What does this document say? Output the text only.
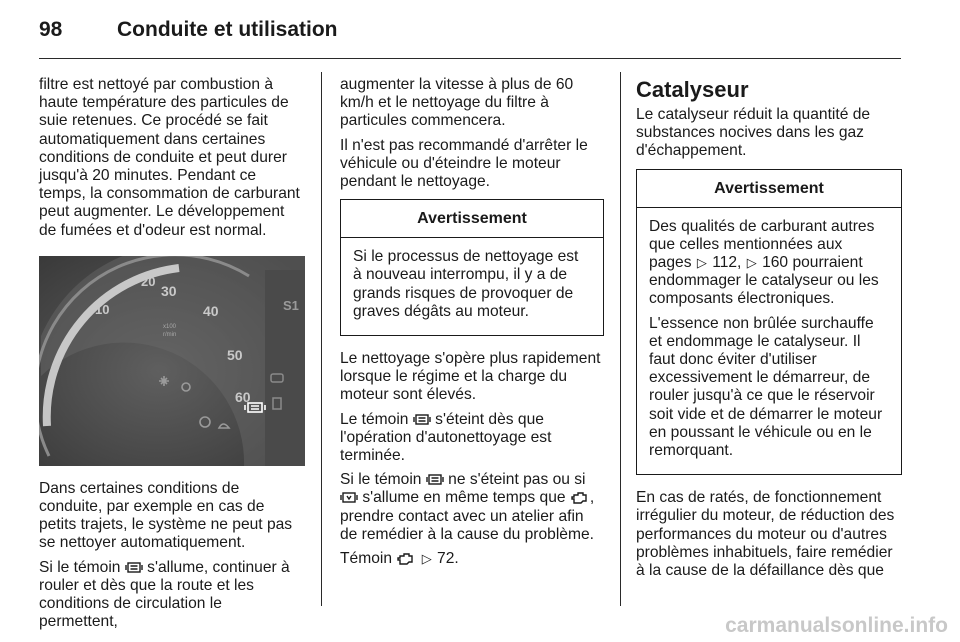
98	Conduite et utilisation

filtre est nettoyé par combustion à haute température des particules de suie retenues. Ce procédé se fait automatiquement dans certaines conditions de conduite et peut durer jusqu'à 20 minutes. Pendant ce temps, la consommation de carburant peut augmenter. Le développement de fumées et d'odeur est normal.

10
20
30
40
50
60
x100
r/min
S1

Dans certaines conditions de conduite, par exemple en cas de petits trajets, le système ne peut pas se nettoyer automatiquement.

Si le témoin s'allume, continuer à rouler et dès que la route et les conditions de circulation le permettent,

augmenter la vitesse à plus de 60 km/h et le nettoyage du filtre à particules commencera.

Il n'est pas recommandé d'arrêter le véhicule ou d'éteindre le moteur pendant le nettoyage.

Avertissement

Si le processus de nettoyage est à nouveau interrompu, il y a de grands risques de provoquer de graves dégâts au moteur.

Le nettoyage s'opère plus rapidement lorsque le régime et la charge du moteur sont élevés.

Le témoin s'éteint dès que l'opération d'autonettoyage est terminée.

Si le témoin ne s'éteint pas ou si  s'allume en même temps que , prendre contact avec un atelier afin de remédier à la cause du problème.

Témoin ▷ 72.

Catalyseur

Le catalyseur réduit la quantité de substances nocives dans les gaz d'échappement.

Avertissement

Des qualités de carburant autres que celles mentionnées aux pages ▷ 112, ▷ 160 pourraient endommager le catalyseur ou les composants électroniques.

L'essence non brûlée surchauffe et endommage le catalyseur. Il faut donc éviter d'utiliser excessivement le démarreur, de rouler jusqu'à ce que le réservoir soit vide et de démarrer le moteur en poussant le véhicule ou en le remorquant.

En cas de ratés, de fonctionnement irrégulier du moteur, de réduction des performances du moteur ou d'autres problèmes inhabituels, faire remédier à la cause de la défaillance dès que

carmanualsonline.info
